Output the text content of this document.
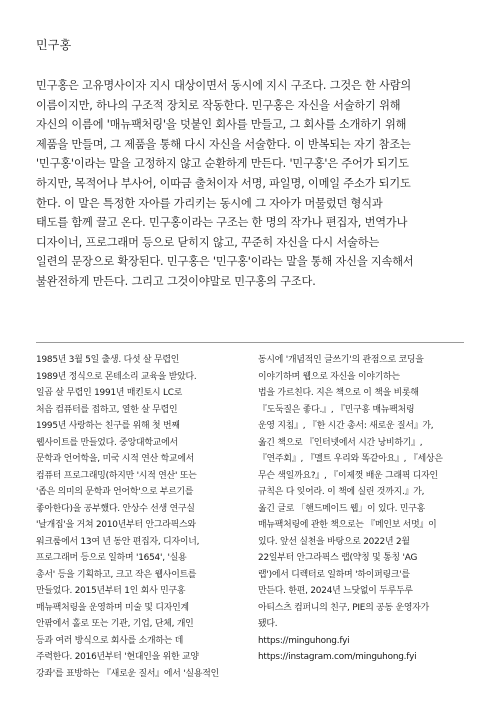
민구홍
민구홍은 고유명사이자 지시 대상이면서 동시에 지시 구조다. 그것은 한 사람의
이름이지만, 하나의 구조적 장치로 작동한다. 민구홍은 자신을 서술하기 위해
자신의 이름에 '매뉴팩처링'을 덧붙인 회사를 만들고, 그 회사를 소개하기 위해
제품을 만들며, 그 제품을 통해 다시 자신을 서술한다. 이 반복되는 자기 참조는
'민구홍'이라는 말을 고정하지 않고 순환하게 만든다. '민구홍'은 주어가 되기도
하지만, 목적어나 부사어, 이따금 출처이자 서명, 파일명, 이메일 주소가 되기도
한다. 이 말은 특정한 자아를 가리키는 동시에 그 자아가 머물렀던 형식과
태도를 함께 끌고 온다. 민구홍이라는 구조는 한 명의 작가나 편집자, 번역가나
디자이너, 프로그래머 등으로 닫히지 않고, 꾸준히 자신을 다시 서술하는
일련의 문장으로 확장된다. 민구홍은 '민구홍'이라는 말을 통해 자신을 지속해서
불완전하게 만든다. 그리고 그것이야말로 민구홍의 구조다.
1985년 3월 5일 출생. 다섯 살 무렵인
1989년 정식으로 몬테소리 교육을 받았다.
일곱 살 무렵인 1991년 매킨토시 LC로
처음 컴퓨터를 접하고, 열한 살 무렵인
1995년 사랑하는 친구를 위해 첫 번째
웹사이트를 만들었다. 중앙대학교에서
문학과 언어학을, 미국 시적 연산 학교에서
컴퓨터 프로그래밍(하지만 '시적 연산' 또는
'좁은 의미의 문학과 언어학'으로 부르기를
좋아한다)을 공부했다. 안상수 선생 연구실
'날개집'을 거쳐 2010년부터 안그라픽스와
워크룸에서 13여 년 동안 편집자, 디자이너,
프로그래머 등으로 일하며 '1654', '실용
총서' 등을 기획하고, 크고 작은 웹사이트를
만들었다. 2015년부터 1인 회사 민구홍
매뉴팩처링을 운영하며 미술 및 디자인계
안팎에서 홀로 또는 기관, 기업, 단체, 개인
등과 여러 방식으로 회사를 소개하는 데
주력한다. 2016년부터 '현대인을 위한 교양
강좌'를 표방하는 『새로운 질서』에서 '실용적인
동시에 '개념적인 글쓰기'의 관점으로 코딩을
이야기하며 웹으로 자신을 이야기하는
법을 가르친다. 지은 책으로 이 책을 비롯해
『도둑질은 좋다.』, 『민구홍 매뉴팩처링
운영 지침』, 『한 시간 총서: 새로운 질서』가,
옮긴 책으로 『인터넷에서 시간 낭비하기』,
『연주회』, 『멜트 우리와 똑같아요』, 『세상은
무슨 색일까요?』, 『이제껏 배운 그래픽 디자인
규칙은 다 잊어라. 이 책에 실린 것까지.』가,
옮긴 글로 「핸드메이드 웹」이 있다. 민구홍
매뉴팩처링에 관한 책으로는 『메인보 서멋』이
있다. 앞선 실천을 바탕으로 2022년 2월
22일부터 안그라픽스 랩(약칭 및 통칭 'AG
랩')에서 디렉터로 일하며 '하이퍼링크'를
만든다. 한편, 2024년 느닷없이 두루두루
아티스츠 컴퍼니의 친구, PIE의 공동 운영자가
됐다.
https://minguhong.fyi
https://instagram.com/minguhong.fyi
